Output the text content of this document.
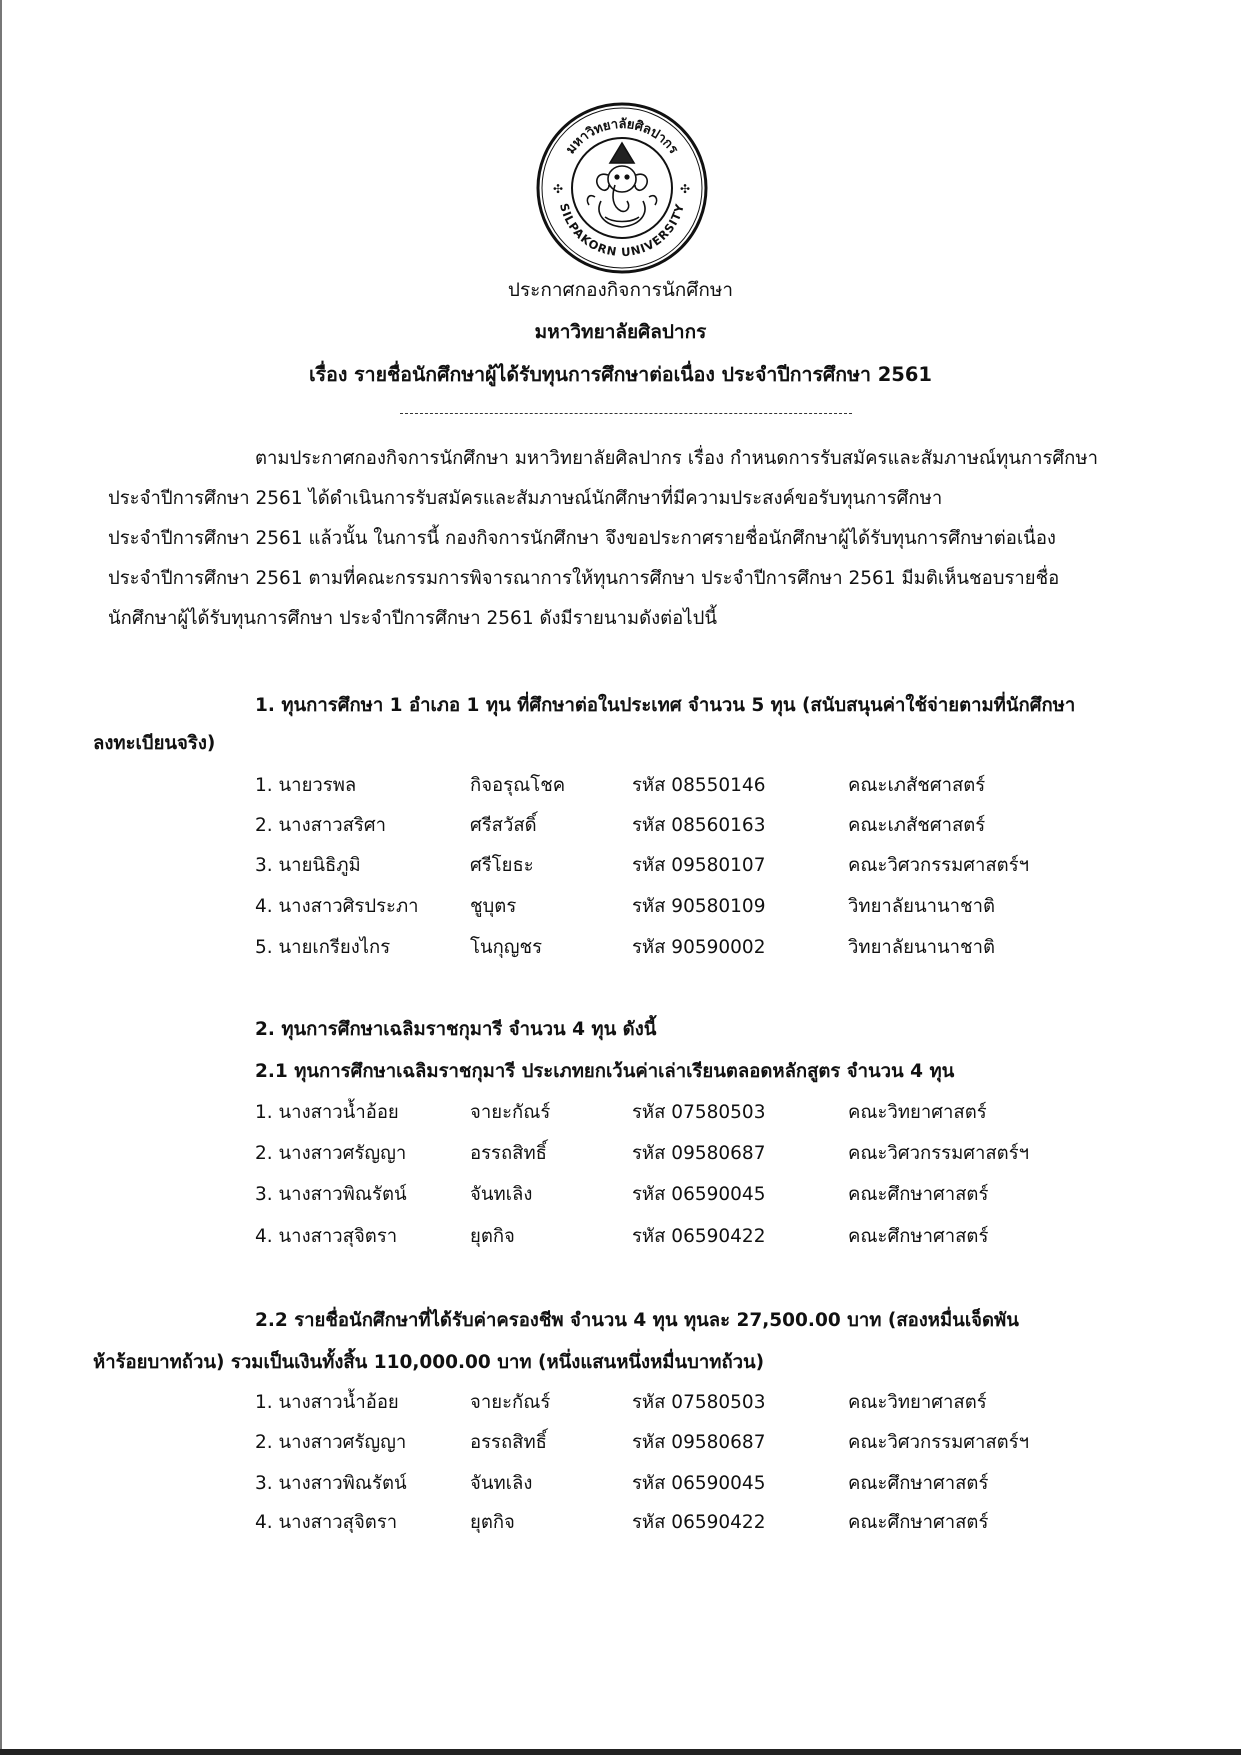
มหาวิทยาลัยศิลปากร
SILPAKORN UNIVERSITY
✣	✣
ประกาศกองกิจการนักศึกษา
มหาวิทยาลัยศิลปากร
เรื่อง รายชื่อนักศึกษาผู้ได้รับทุนการศึกษาต่อเนื่อง ประจำปีการศึกษา 2561
ตามประกาศกองกิจการนักศึกษา มหาวิทยาลัยศิลปากร เรื่อง กำหนดการรับสมัครและสัมภาษณ์ทุนการศึกษา
ประจำปีการศึกษา 2561 ได้ดำเนินการรับสมัครและสัมภาษณ์นักศึกษาที่มีความประสงค์ขอรับทุนการศึกษา
ประจำปีการศึกษา 2561 แล้วนั้น ในการนี้ กองกิจการนักศึกษา จึงขอประกาศรายชื่อนักศึกษาผู้ได้รับทุนการศึกษาต่อเนื่อง
ประจำปีการศึกษา 2561 ตามที่คณะกรรมการพิจารณาการให้ทุนการศึกษา ประจำปีการศึกษา 2561 มีมติเห็นชอบรายชื่อ
นักศึกษาผู้ได้รับทุนการศึกษา ประจำปีการศึกษา 2561 ดังมีรายนามดังต่อไปนี้
1. ทุนการศึกษา 1 อำเภอ 1 ทุน ที่ศึกษาต่อในประเทศ จำนวน 5 ทุน (สนับสนุนค่าใช้จ่ายตามที่นักศึกษา
ลงทะเบียนจริง)
1. นายวรพล	กิจอรุณโชค	รหัส 08550146	คณะเภสัชศาสตร์
2. นางสาวสริศา	ศรีสวัสดิ์	รหัส 08560163	คณะเภสัชศาสตร์
3. นายนิธิภูมิ	ศรีโยธะ	รหัส 09580107	คณะวิศวกรรมศาสตร์ฯ
4. นางสาวศิรประภา	ชูบุตร	รหัส 90580109	วิทยาลัยนานาชาติ
5. นายเกรียงไกร	โนกุญชร	รหัส 90590002	วิทยาลัยนานาชาติ
2. ทุนการศึกษาเฉลิมราชกุมารี จำนวน 4 ทุน ดังนี้
2.1 ทุนการศึกษาเฉลิมราชกุมารี ประเภทยกเว้นค่าเล่าเรียนตลอดหลักสูตร จำนวน 4 ทุน
1. นางสาวน้ำอ้อย	จายะกัณร์	รหัส 07580503	คณะวิทยาศาสตร์
2. นางสาวศรัญญา	อรรถสิทธิ์	รหัส 09580687	คณะวิศวกรรมศาสตร์ฯ
3. นางสาวพิณรัตน์	จันทเลิง	รหัส 06590045	คณะศึกษาศาสตร์
4. นางสาวสุจิตรา	ยุตกิจ	รหัส 06590422	คณะศึกษาศาสตร์
2.2 รายชื่อนักศึกษาที่ได้รับค่าครองชีพ จำนวน 4 ทุน ทุนละ 27,500.00 บาท (สองหมื่นเจ็ดพัน
ห้าร้อยบาทถ้วน) รวมเป็นเงินทั้งสิ้น 110,000.00 บาท (หนึ่งแสนหนึ่งหมื่นบาทถ้วน)
1. นางสาวน้ำอ้อย	จายะกัณร์	รหัส 07580503	คณะวิทยาศาสตร์
2. นางสาวศรัญญา	อรรถสิทธิ์	รหัส 09580687	คณะวิศวกรรมศาสตร์ฯ
3. นางสาวพิณรัตน์	จันทเลิง	รหัส 06590045	คณะศึกษาศาสตร์
4. นางสาวสุจิตรา	ยุตกิจ	รหัส 06590422	คณะศึกษาศาสตร์
